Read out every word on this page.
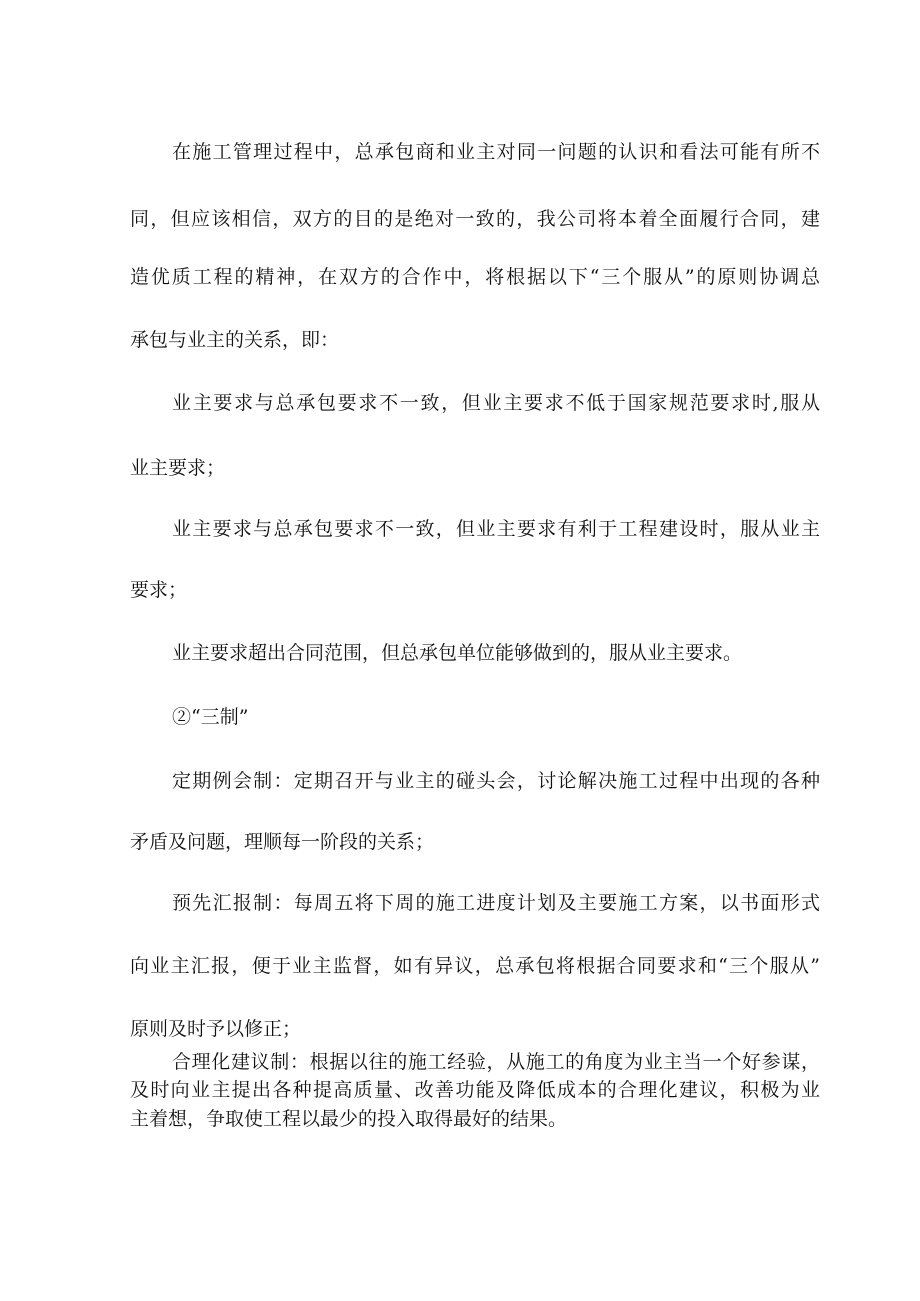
在施工管理过程中，总承包商和业主对同一问题的认识和看法可能有所不
同，但应该相信，双方的目的是绝对一致的，我公司将本着全面履行合同，建
造优质工程的精神，在双方的合作中，将根据以下“三个服从”的原则协调总
承包与业主的关系，即：
业主要求与总承包要求不一致，但业主要求不低于国家规范要求时,服从
业主要求；
业主要求与总承包要求不一致，但业主要求有利于工程建设时，服从业主
要求；
业主要求超出合同范围，但总承包单位能够做到的，服从业主要求。
②“三制”
定期例会制：定期召开与业主的碰头会，讨论解决施工过程中出现的各种
矛盾及问题，理顺每一阶段的关系；
预先汇报制：每周五将下周的施工进度计划及主要施工方案，以书面形式
向业主汇报，便于业主监督，如有异议，总承包将根据合同要求和“三个服从”
原则及时予以修正；
合理化建议制：根据以往的施工经验，从施工的角度为业主当一个好参谋，
及时向业主提出各种提高质量、改善功能及降低成本的合理化建议，积极为业
主着想，争取使工程以最少的投入取得最好的结果。
